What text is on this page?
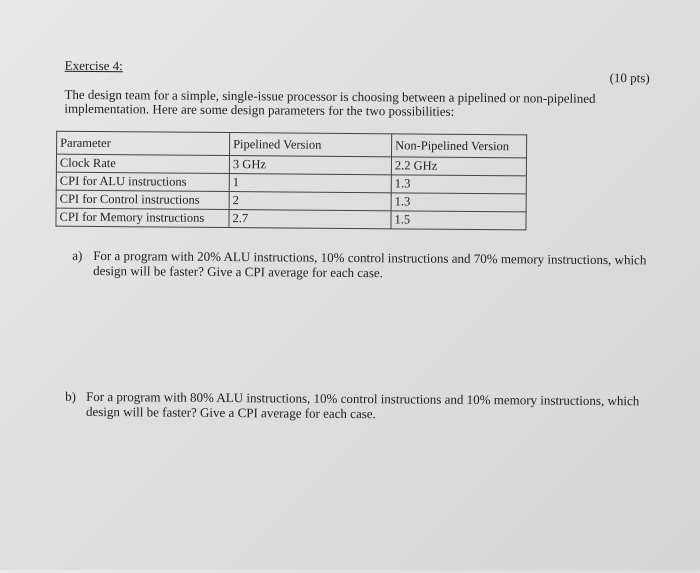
Exercise 4:
(10 pts)
The design team for a simple, single-issue processor is choosing between a pipelined or non-pipelined implementation. Here are some design parameters for the two possibilities:
Parameter	Pipelined Version	Non-Pipelined Version
Clock Rate	3 GHz	2.2 GHz
CPI for ALU instructions	1	1.3
CPI for Control instructions	2	1.3
CPI for Memory instructions	2.7	1.5
a) For a program with 20% ALU instructions, 10% control instructions and 70% memory instructions, which design will be faster? Give a CPI average for each case.
b) For a program with 80% ALU instructions, 10% control instructions and 10% memory instructions, which design will be faster? Give a CPI average for each case.
